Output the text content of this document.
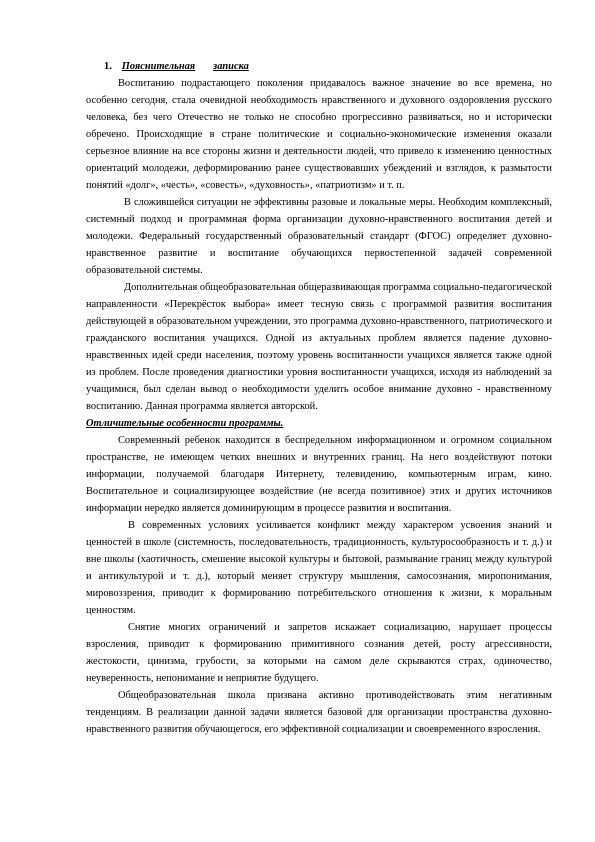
1. Пояснительная записка

Воспитанию подрастающего поколения придавалось важное значение во все времена, но особенно сегодня, стала очевидной необходимость нравственного и духовного оздоровления русского человека, без чего Отечество не только не способно прогрессивно развиваться, но и исторически обречено. Происходящие в стране политические и социально-экономические изменения оказали серьезное влияние на все стороны жизни и деятельности людей, что привело к изменению ценностных ориентаций молодежи, деформированию ранее существовавших убеждений и взглядов, к размытости понятий «долг», «честь», «совесть», «духовность», «патриотизм» и т. п.

В сложившейся ситуации не эффективны разовые и локальные меры. Необходим комплексный, системный подход и программная форма организации духовно-нравственного воспитания детей и молодежи. Федеральный государственный образовательный стандарт (ФГОС) определяет духовно-нравственное развитие и воспитание обучающихся первостепенной задачей современной образовательной системы.

Дополнительная общеобразовательная общеразвивающая программа социально-педагогической направленности «Перекрёсток выбора» имеет тесную связь с программой развития воспитания действующей в образовательном учреждении, это программа духовно-нравственного, патриотического и гражданского воспитания учащихся. Одной из актуальных проблем является падение духовно-нравственных идей среди населения, поэтому уровень воспитанности учащихся является также одной из проблем. После проведения диагностики уровня воспитанности учащихся, исходя из наблюдений за учащимися, был сделан вывод о необходимости уделить особое внимание духовно - нравственному воспитанию. Данная программа является авторской.

Отличительные особенности программы.

Современный ребенок находится в беспредельном информационном и огромном социальном пространстве, не имеющем четких внешних и внутренних границ. На него воздействуют потоки информации, получаемой благодаря Интернету, телевидению, компьютерным играм, кино. Воспитательное и социализирующее воздействие (не всегда позитивное) этих и других источников информации нередко является доминирующим в процессе развития и воспитания.

В современных условиях усиливается конфликт между характером усвоения знаний и ценностей в школе (системность, последовательность, традиционность, культуросообразность и т. д.) и вне школы (хаотичность, смешение высокой культуры и бытовой, размывание границ между культурой и антикультурой и т. д.), который меняет структуру мышления, самосознания, миропонимания, мировоззрения, приводит к формированию потребительского отношения к жизни, к моральным ценностям.

Снятие многих ограничений и запретов искажает социализацию, нарушает процессы взросления, приводит к формированию примитивного сознания детей, росту агрессивности, жестокости, цинизма, грубости, за которыми на самом деле скрываются страх, одиночество, неуверенность, непонимание и неприятие будущего.

Общеобразовательная школа призвана активно противодействовать этим негативным тенденциям. В реализации данной задачи является базовой для организации пространства духовно-нравственного развития обучающегося, его эффективной социализации и своевременного взросления.
